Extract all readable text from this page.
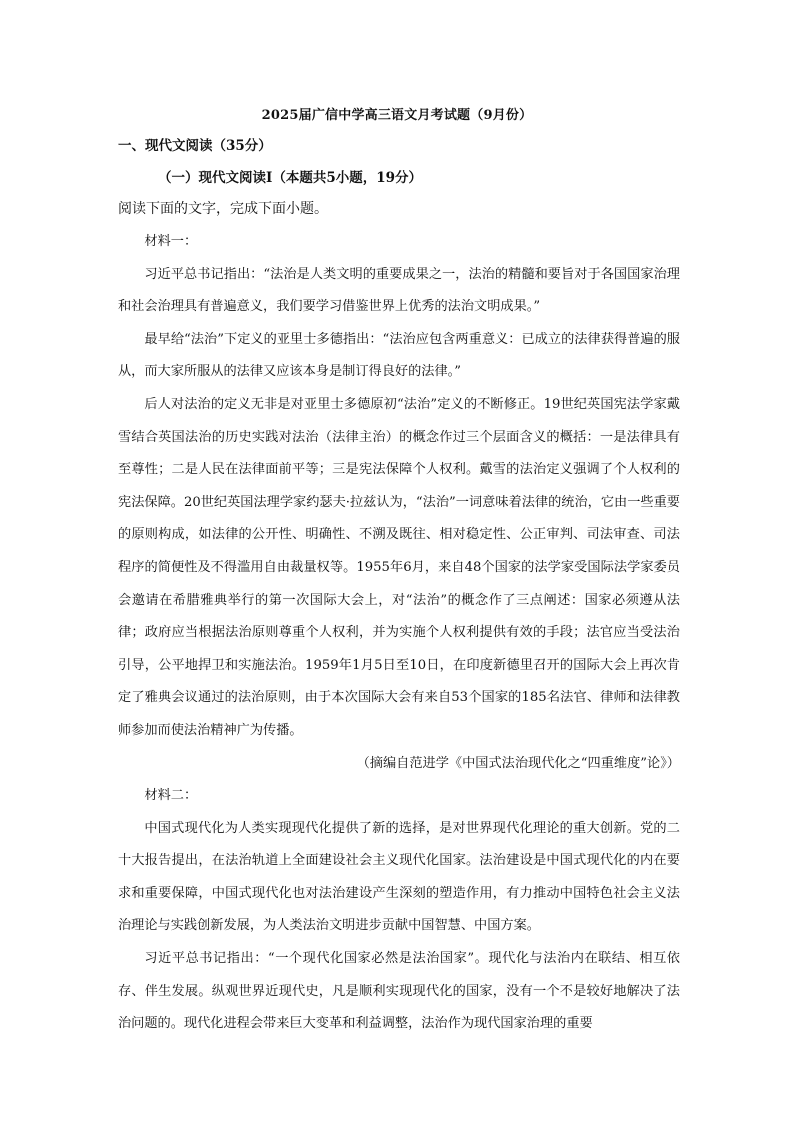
2025届广信中学高三语文月考试题（9月份）
一、现代文阅读（35分）
（一）现代文阅读Ⅰ（本题共5小题，19分）
阅读下面的文字，完成下面小题。

材料一：

习近平总书记指出：“法治是人类文明的重要成果之一，法治的精髓和要旨对于各国国家治理和社会治理具有普遍意义，我们要学习借鉴世界上优秀的法治文明成果。”

最早给“法治”下定义的亚里士多德指出：“法治应包含两重意义：已成立的法律获得普遍的服从，而大家所服从的法律又应该本身是制订得良好的法律。”

后人对法治的定义无非是对亚里士多德原初“法治”定义的不断修正。19世纪英国宪法学家戴雪结合英国法治的历史实践对法治（法律主治）的概念作过三个层面含义的概括：一是法律具有至尊性；二是人民在法律面前平等；三是宪法保障个人权利。戴雪的法治定义强调了个人权利的宪法保障。20世纪英国法理学家约瑟夫·拉兹认为，“法治”一词意味着法律的统治，它由一些重要的原则构成，如法律的公开性、明确性、不溯及既往、相对稳定性、公正审判、司法审查、司法程序的简便性及不得滥用自由裁量权等。1955年6月，来自48个国家的法学家受国际法学家委员会邀请在希腊雅典举行的第一次国际大会上，对“法治”的概念作了三点阐述：国家必须遵从法律；政府应当根据法治原则尊重个人权利，并为实施个人权利提供有效的手段；法官应当受法治引导，公平地捍卫和实施法治。1959年1月5日至10日，在印度新德里召开的国际大会上再次肯定了雅典会议通过的法治原则，由于本次国际大会有来自53个国家的185名法官、律师和法律教师参加而使法治精神广为传播。

（摘编自范进学《中国式法治现代化之“四重维度”论》）

材料二：

中国式现代化为人类实现现代化提供了新的选择，是对世界现代化理论的重大创新。党的二十大报告提出，在法治轨道上全面建设社会主义现代化国家。法治建设是中国式现代化的内在要求和重要保障，中国式现代化也对法治建设产生深刻的塑造作用，有力推动中国特色社会主义法治理论与实践创新发展，为人类法治文明进步贡献中国智慧、中国方案。

习近平总书记指出：“一个现代化国家必然是法治国家”。现代化与法治内在联结、相互依存、伴生发展。纵观世界近现代史，凡是顺利实现现代化的国家，没有一个不是较好地解决了法治问题的。现代化进程会带来巨大变革和利益调整，法治作为现代国家治理的重要
